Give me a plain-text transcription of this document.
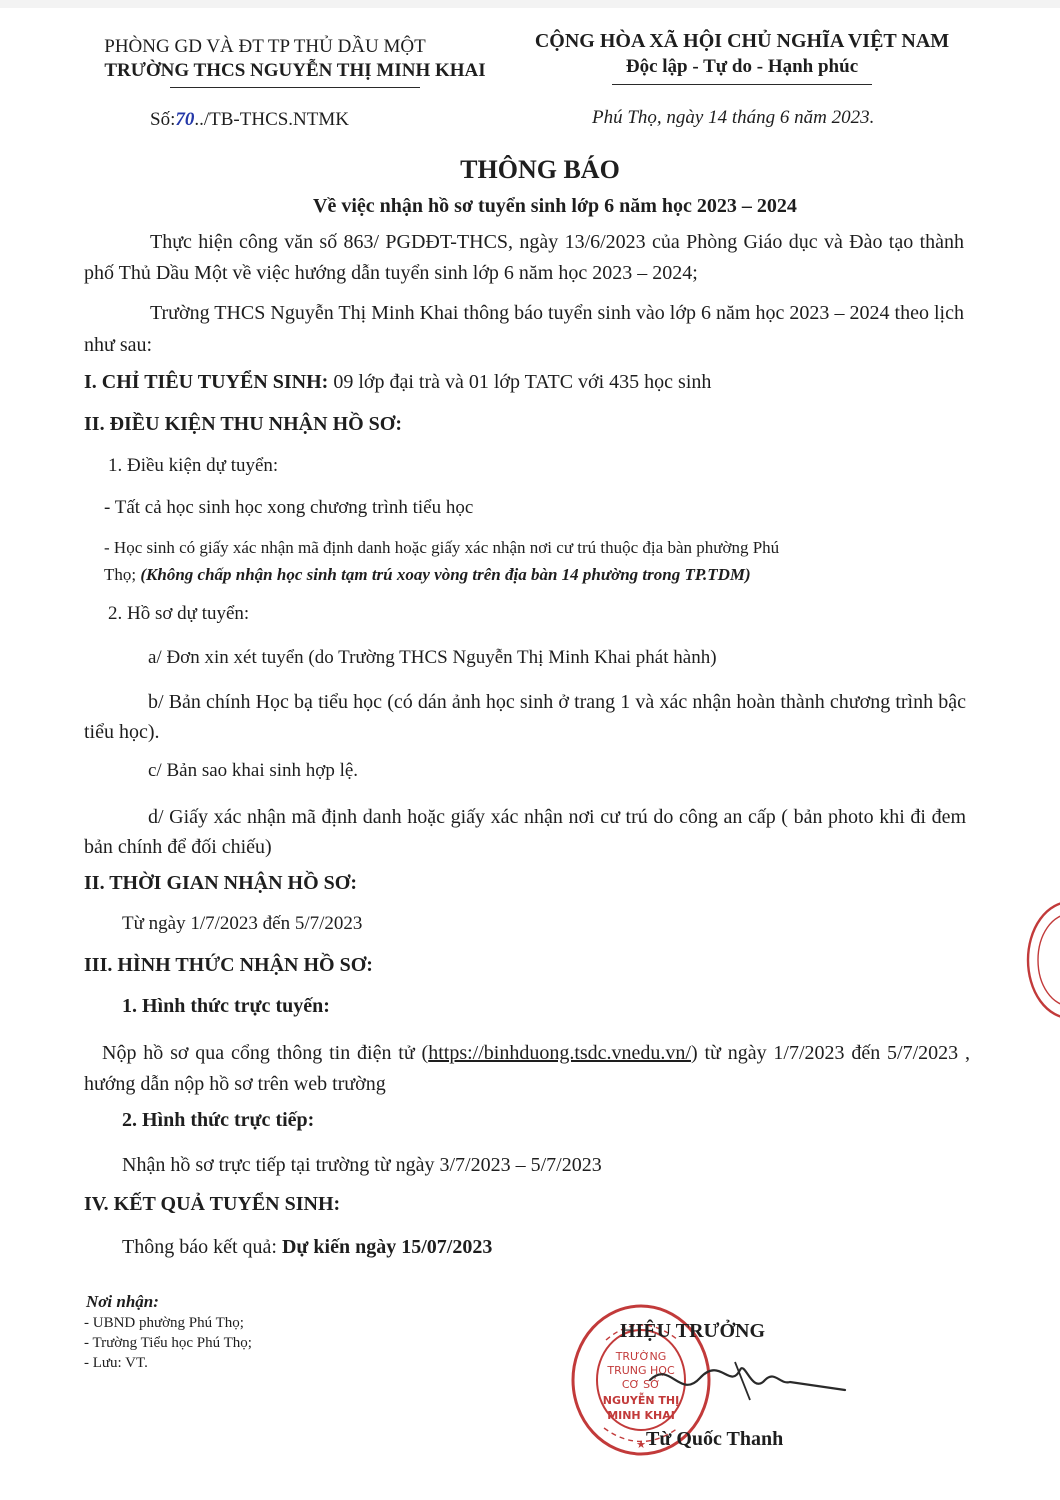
PHÒNG GD VÀ ĐT TP THỦ DẦU MỘT
TRƯỜNG THCS NGUYỄN THỊ MINH KHAI
CỘNG HÒA XÃ HỘI CHỦ NGHĨA VIỆT NAM
Độc lập - Tự do - Hạnh phúc
Số:70../TB-THCS.NTMK	Phú Thọ, ngày 14 tháng 6 năm 2023.
THÔNG BÁO
Về việc nhận hồ sơ tuyển sinh lớp 6 năm học 2023 – 2024
Thực hiện công văn số 863/ PGDĐT-THCS, ngày 13/6/2023 của Phòng Giáo dục và Đào tạo thành phố Thủ Dầu Một về việc hướng dẫn tuyển sinh lớp 6 năm học 2023 – 2024;
Trường THCS Nguyễn Thị Minh Khai thông báo tuyển sinh vào lớp 6 năm học 2023 – 2024 theo lịch như sau:
I. CHỈ TIÊU TUYỂN SINH: 09 lớp đại trà và 01 lớp TATC với 435 học sinh
II. ĐIỀU KIỆN THU NHẬN HỒ SƠ:
1. Điều kiện dự tuyển:
- Tất cả học sinh học xong chương trình tiểu học
- Học sinh có giấy xác nhận mã định danh hoặc giấy xác nhận nơi cư trú thuộc địa bàn phường Phú
Thọ; (Không chấp nhận học sinh tạm trú xoay vòng trên địa bàn 14 phường trong TP.TDM)
2. Hồ sơ dự tuyển:
a/ Đơn xin xét tuyển (do Trường THCS Nguyễn Thị Minh Khai phát hành)
b/ Bản chính Học bạ tiểu học (có dán ảnh học sinh ở trang 1 và xác nhận hoàn thành chương trình bậc tiểu học).
c/ Bản sao khai sinh hợp lệ.
d/ Giấy xác nhận mã định danh hoặc giấy xác nhận nơi cư trú do công an cấp ( bản photo khi đi đem bản chính để đối chiếu)
II. THỜI GIAN NHẬN HỒ SƠ:
Từ ngày 1/7/2023 đến 5/7/2023
III. HÌNH THỨC NHẬN HỒ SƠ:
1. Hình thức trực tuyến:
Nộp hồ sơ qua cổng thông tin điện tử (https://binhduong.tsdc.vnedu.vn/) từ ngày 1/7/2023 đến 5/7/2023 , hướng dẫn nộp hồ sơ trên web trường
2. Hình thức trực tiếp:
Nhận hồ sơ trực tiếp tại trường từ ngày 3/7/2023 – 5/7/2023
IV. KẾT QUẢ TUYỂN SINH:
Thông báo kết quả: Dự kiến ngày 15/07/2023
Nơi nhận:
- UBND phường Phú Thọ;
- Trường Tiểu học Phú Thọ;
- Lưu: VT.	TRƯỜNG
TRUNG HỌC
CƠ SỞ
NGUYỄN THỊ
MINH KHAI
★
HIỆU TRƯỞNG
Từ Quốc Thanh
